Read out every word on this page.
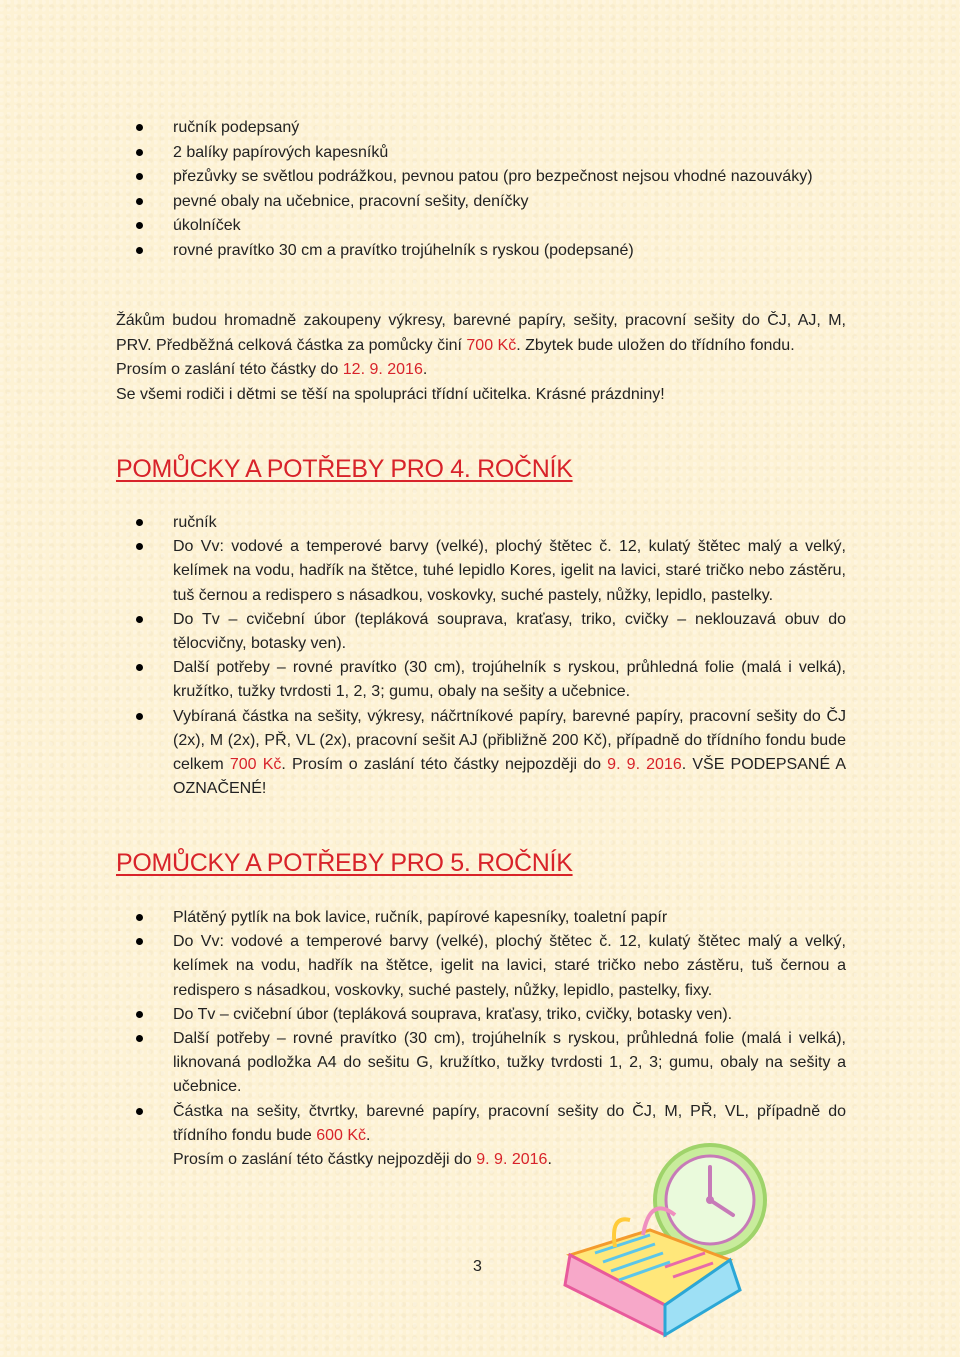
ručník podepsaný
2 balíky papírových kapesníků
přezůvky se světlou podrážkou, pevnou patou (pro bezpečnost nejsou vhodné nazouváky)
pevné obaly na učebnice, pracovní sešity, deníčky
úkolníček
rovné pravítko 30 cm a pravítko trojúhelník s ryskou (podepsané)

Žákům budou hromadně zakoupeny výkresy, barevné papíry, sešity, pracovní sešity do ČJ, AJ, M, PRV. Předběžná celková částka za pomůcky činí 700 Kč. Zbytek bude uložen do třídního fondu.

Prosím o zaslání této částky do 12. 9. 2016.

Se všemi rodiči i dětmi se těší na spolupráci třídní učitelka. Krásné prázdniny!

POMŮCKY A POTŘEBY PRO 4. ROČNÍK
ručník
Do Vv: vodové a temperové barvy (velké), plochý štětec č. 12, kulatý štětec malý a velký, kelímek na vodu, hadřík na štětce, tuhé lepidlo Kores, igelit na lavici, staré tričko nebo zástěru, tuš černou a redispero s násadkou, voskovky, suché pastely, nůžky, lepidlo, pastelky.
Do Tv – cvičební úbor (tepláková souprava, kraťasy, triko, cvičky – neklouzavá obuv do tělocvičny, botasky ven).
Další potřeby – rovné pravítko (30 cm), trojúhelník s ryskou, průhledná folie (malá i velká), kružítko, tužky tvrdosti 1, 2, 3; gumu, obaly na sešity a učebnice.
Vybíraná částka na sešity, výkresy, náčrtníkové papíry, barevné papíry, pracovní sešity do ČJ (2x), M (2x), PŘ, VL (2x), pracovní sešit AJ (přibližně 200 Kč), případně do třídního fondu bude celkem 700 Kč. Prosím o zaslání této částky nejpozději do 9. 9. 2016. VŠE PODEPSANÉ A OZNAČENÉ!
POMŮCKY A POTŘEBY PRO 5. ROČNÍK
Plátěný pytlík na bok lavice, ručník, papírové kapesníky, toaletní papír
Do Vv: vodové a temperové barvy (velké), plochý štětec č. 12, kulatý štětec malý a velký, kelímek na vodu, hadřík na štětce, igelit na lavici, staré tričko nebo zástěru, tuš černou a redispero s násadkou, voskovky, suché pastely, nůžky, lepidlo, pastelky, fixy.
Do Tv – cvičební úbor (tepláková souprava, kraťasy, triko, cvičky, botasky ven).
Další potřeby – rovné pravítko (30 cm), trojúhelník s ryskou, průhledná folie (malá i velká), liknovaná podložka A4 do sešitu G, kružítko, tužky tvrdosti 1, 2, 3; gumu, obaly na sešity a učebnice.
Částka na sešity, čtvrtky, barevné papíry, pracovní sešity do ČJ, M, PŘ, VL, případně do třídního fondu bude 600 Kč.
Prosím o zaslání této částky nejpozději do 9. 9. 2016.
3
